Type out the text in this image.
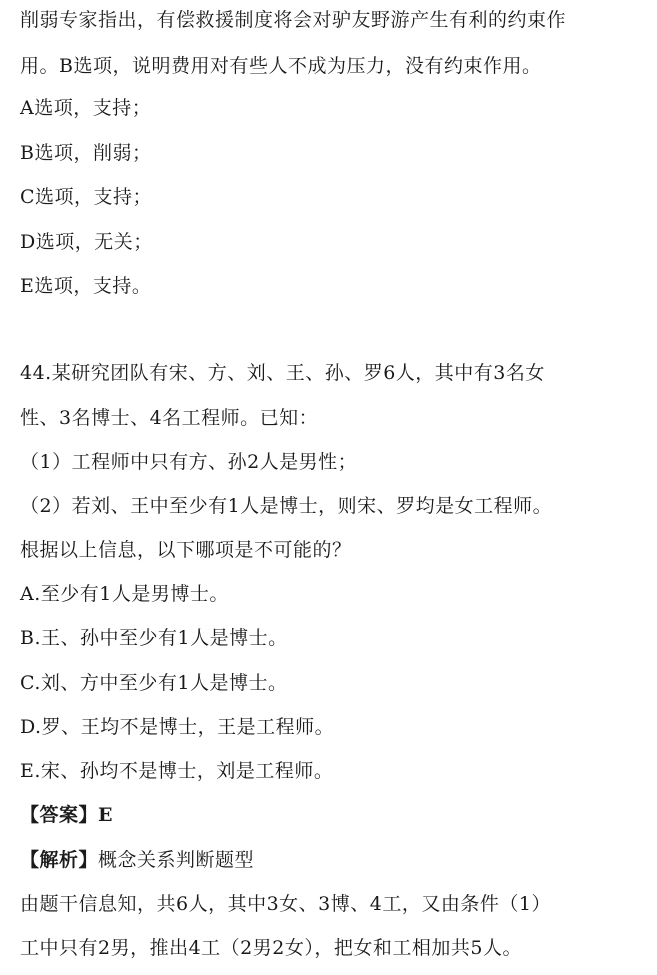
削弱专家指出，有偿救援制度将会对驴友野游产生有利的约束作
用。B选项，说明费用对有些人不成为压力，没有约束作用。
A选项，支持；
B选项，削弱；
C选项，支持；
D选项，无关；
E选项，支持。
44.某研究团队有宋、方、刘、王、孙、罗6人，其中有3名女
性、3名博士、4名工程师。已知：
（1）工程师中只有方、孙2人是男性；
（2）若刘、王中至少有1人是博士，则宋、罗均是女工程师。
根据以上信息，以下哪项是不可能的？
A.至少有1人是男博士。
B.王、孙中至少有1人是博士。
C.刘、方中至少有1人是博士。
D.罗、王均不是博士，王是工程师。
E.宋、孙均不是博士，刘是工程师。
【答案】E
【解析】概念关系判断题型
由题干信息知，共6人，其中3女、3博、4工，又由条件（1）
工中只有2男，推出4工（2男2女），把女和工相加共5人。
